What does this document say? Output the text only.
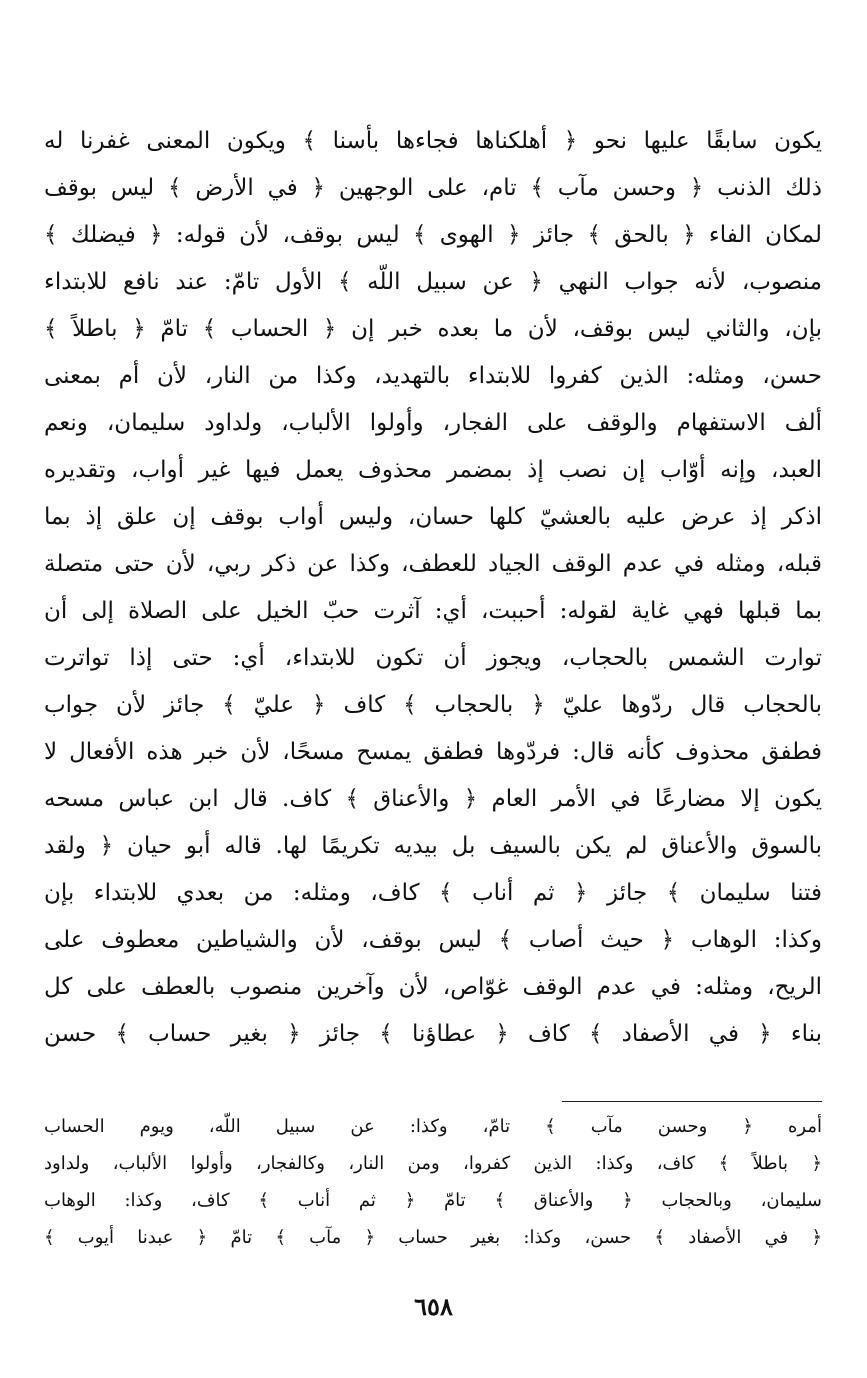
يكون سابقًا عليها نحو ﴿ أهلكناها فجاءها بأسنا ﴾ ويكون المعنى غفرنا له
ذلك الذنب ﴿ وحسن مآب ﴾ تام، على الوجهين ﴿ في الأرض ﴾ ليس بوقف
لمكان الفاء ﴿ بالحق ﴾ جائز ﴿ الهوى ﴾ ليس بوقف، لأن قوله: ﴿ فيضلك ﴾
منصوب، لأنه جواب النهي ﴿ عن سبيل اللّه ﴾ الأول تامّ: عند نافع للابتداء
بإن، والثاني ليس بوقف، لأن ما بعده خبر إن ﴿ الحساب ﴾ تامّ ﴿ باطلاً ﴾
حسن، ومثله: الذين كفروا للابتداء بالتهديد، وكذا من النار، لأن أم بمعنى
ألف الاستفهام والوقف على الفجار، وأولوا الألباب، ولداود سليمان، ونعم
العبد، وإنه أوّاب إن نصب إذ بمضمر محذوف يعمل فيها غير أواب، وتقديره
اذكر إذ عرض عليه بالعشيّ كلها حسان، وليس أواب بوقف إن علق إذ بما
قبله، ومثله في عدم الوقف الجياد للعطف، وكذا عن ذكر ربي، لأن حتى متصلة
بما قبلها فهي غاية لقوله: أحببت، أي: آثرت حبّ الخيل على الصلاة إلى أن
توارت الشمس بالحجاب، ويجوز أن تكون للابتداء، أي: حتى إذا تواترت
بالحجاب قال ردّوها عليّ ﴿ بالحجاب ﴾ كاف ﴿ عليّ ﴾ جائز لأن جواب
فطفق محذوف كأنه قال: فردّوها فطفق يمسح مسحًا، لأن خبر هذه الأفعال لا
يكون إلا مضارعًا في الأمر العام ﴿ والأعناق ﴾ كاف. قال ابن عباس مسحه
بالسوق والأعناق لم يكن بالسيف بل بيديه تكريمًا لها. قاله أبو حيان ﴿ ولقد
فتنا سليمان ﴾ جائز ﴿ ثم أناب ﴾ كاف، ومثله: من بعدي للابتداء بإن
وكذا: الوهاب ﴿ حيث أصاب ﴾ ليس بوقف، لأن والشياطين معطوف على
الريح، ومثله: في عدم الوقف غوّاص، لأن وآخرين منصوب بالعطف على كل
بناء ﴿ في الأصفاد ﴾ كاف ﴿ عطاؤنا ﴾ جائز ﴿ بغير حساب ﴾ حسن
أمره ﴿ وحسن مآب ﴾ تامّ، وكذا: عن سبيل اللّه، ويوم الحساب
﴿ باطلاً ﴾ كاف، وكذا: الذين كفروا، ومن النار، وكالفجار، وأولوا الألباب، ولداود
سليمان، وبالحجاب ﴿ والأعناق ﴾ تامّ ﴿ ثم أناب ﴾ كاف، وكذا: الوهاب
﴿ في الأصفاد ﴾ حسن، وكذا: بغير حساب ﴿ مآب ﴾ تامّ ﴿ عبدنا أيوب ﴾
٦٥٨
